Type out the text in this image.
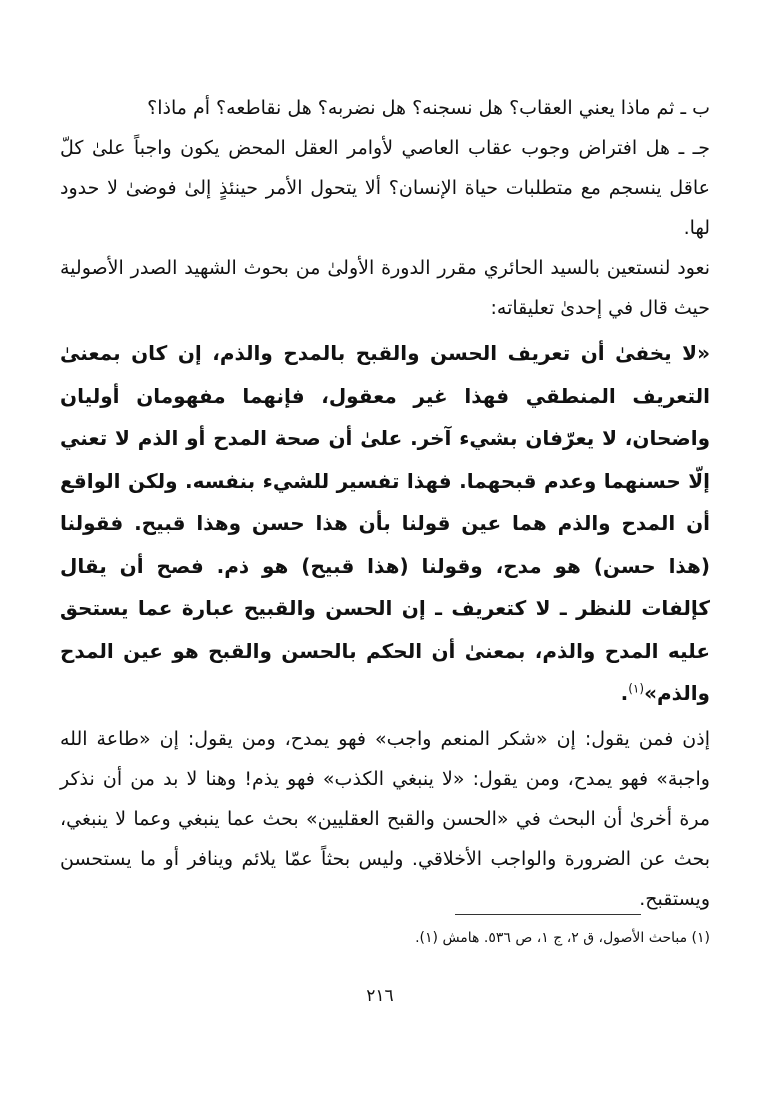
ب ـ ثم ماذا يعني العقاب؟ هل نسجنه؟ هل نضربه؟ هل نقاطعه؟ أم ماذا؟

جـ ـ هل افتراض وجوب عقاب العاصي لأوامر العقل المحض يكون واجباً علىٰ كلّ عاقل ينسجم مع متطلبات حياة الإنسان؟ ألا يتحول الأمر حينئذٍ إلىٰ فوضىٰ لا حدود لها.

نعود لنستعين بالسيد الحائري مقرر الدورة الأولىٰ من بحوث الشهيد الصدر الأصولية حيث قال في إحدىٰ تعليقاته:

«لا يخفىٰ أن تعريف الحسن والقبح بالمدح والذم، إن كان بمعنىٰ التعريف المنطقي فهذا غير معقول، فإنهما مفهومان أوليان واضحان، لا يعرّفان بشيء آخر. علىٰ أن صحة المدح أو الذم لا تعني إلّا حسنهما وعدم قبحهما. فهذا تفسير للشيء بنفسه. ولكن الواقع أن المدح والذم هما عين قولنا بأن هذا حسن وهذا قبيح. فقولنا (هذا حسن) هو مدح، وقولنا (هذا قبيح) هو ذم. فصح أن يقال كإلفات للنظر ـ لا كتعريف ـ إن الحسن والقبيح عبارة عما يستحق عليه المدح والذم، بمعنىٰ أن الحكم بالحسن والقبح هو عين المدح والذم»$^{(١)}$.

إذن فمن يقول: إن «شكر المنعم واجب» فهو يمدح، ومن يقول: إن «طاعة الله واجبة» فهو يمدح، ومن يقول: «لا ينبغي الكذب» فهو يذم! وهنا لا بد من أن نذكر مرة أخرىٰ أن البحث في «الحسن والقبح العقليين» بحث عما ينبغي وعما لا ينبغي، بحث عن الضرورة والواجب الأخلاقي. وليس بحثاً عمّا يلائم وينافر أو ما يستحسن ويستقبح.

(١) مباحث الأصول، ق ٢، ج ١، ص ٥٣٦. هامش (١).
٢١٦
